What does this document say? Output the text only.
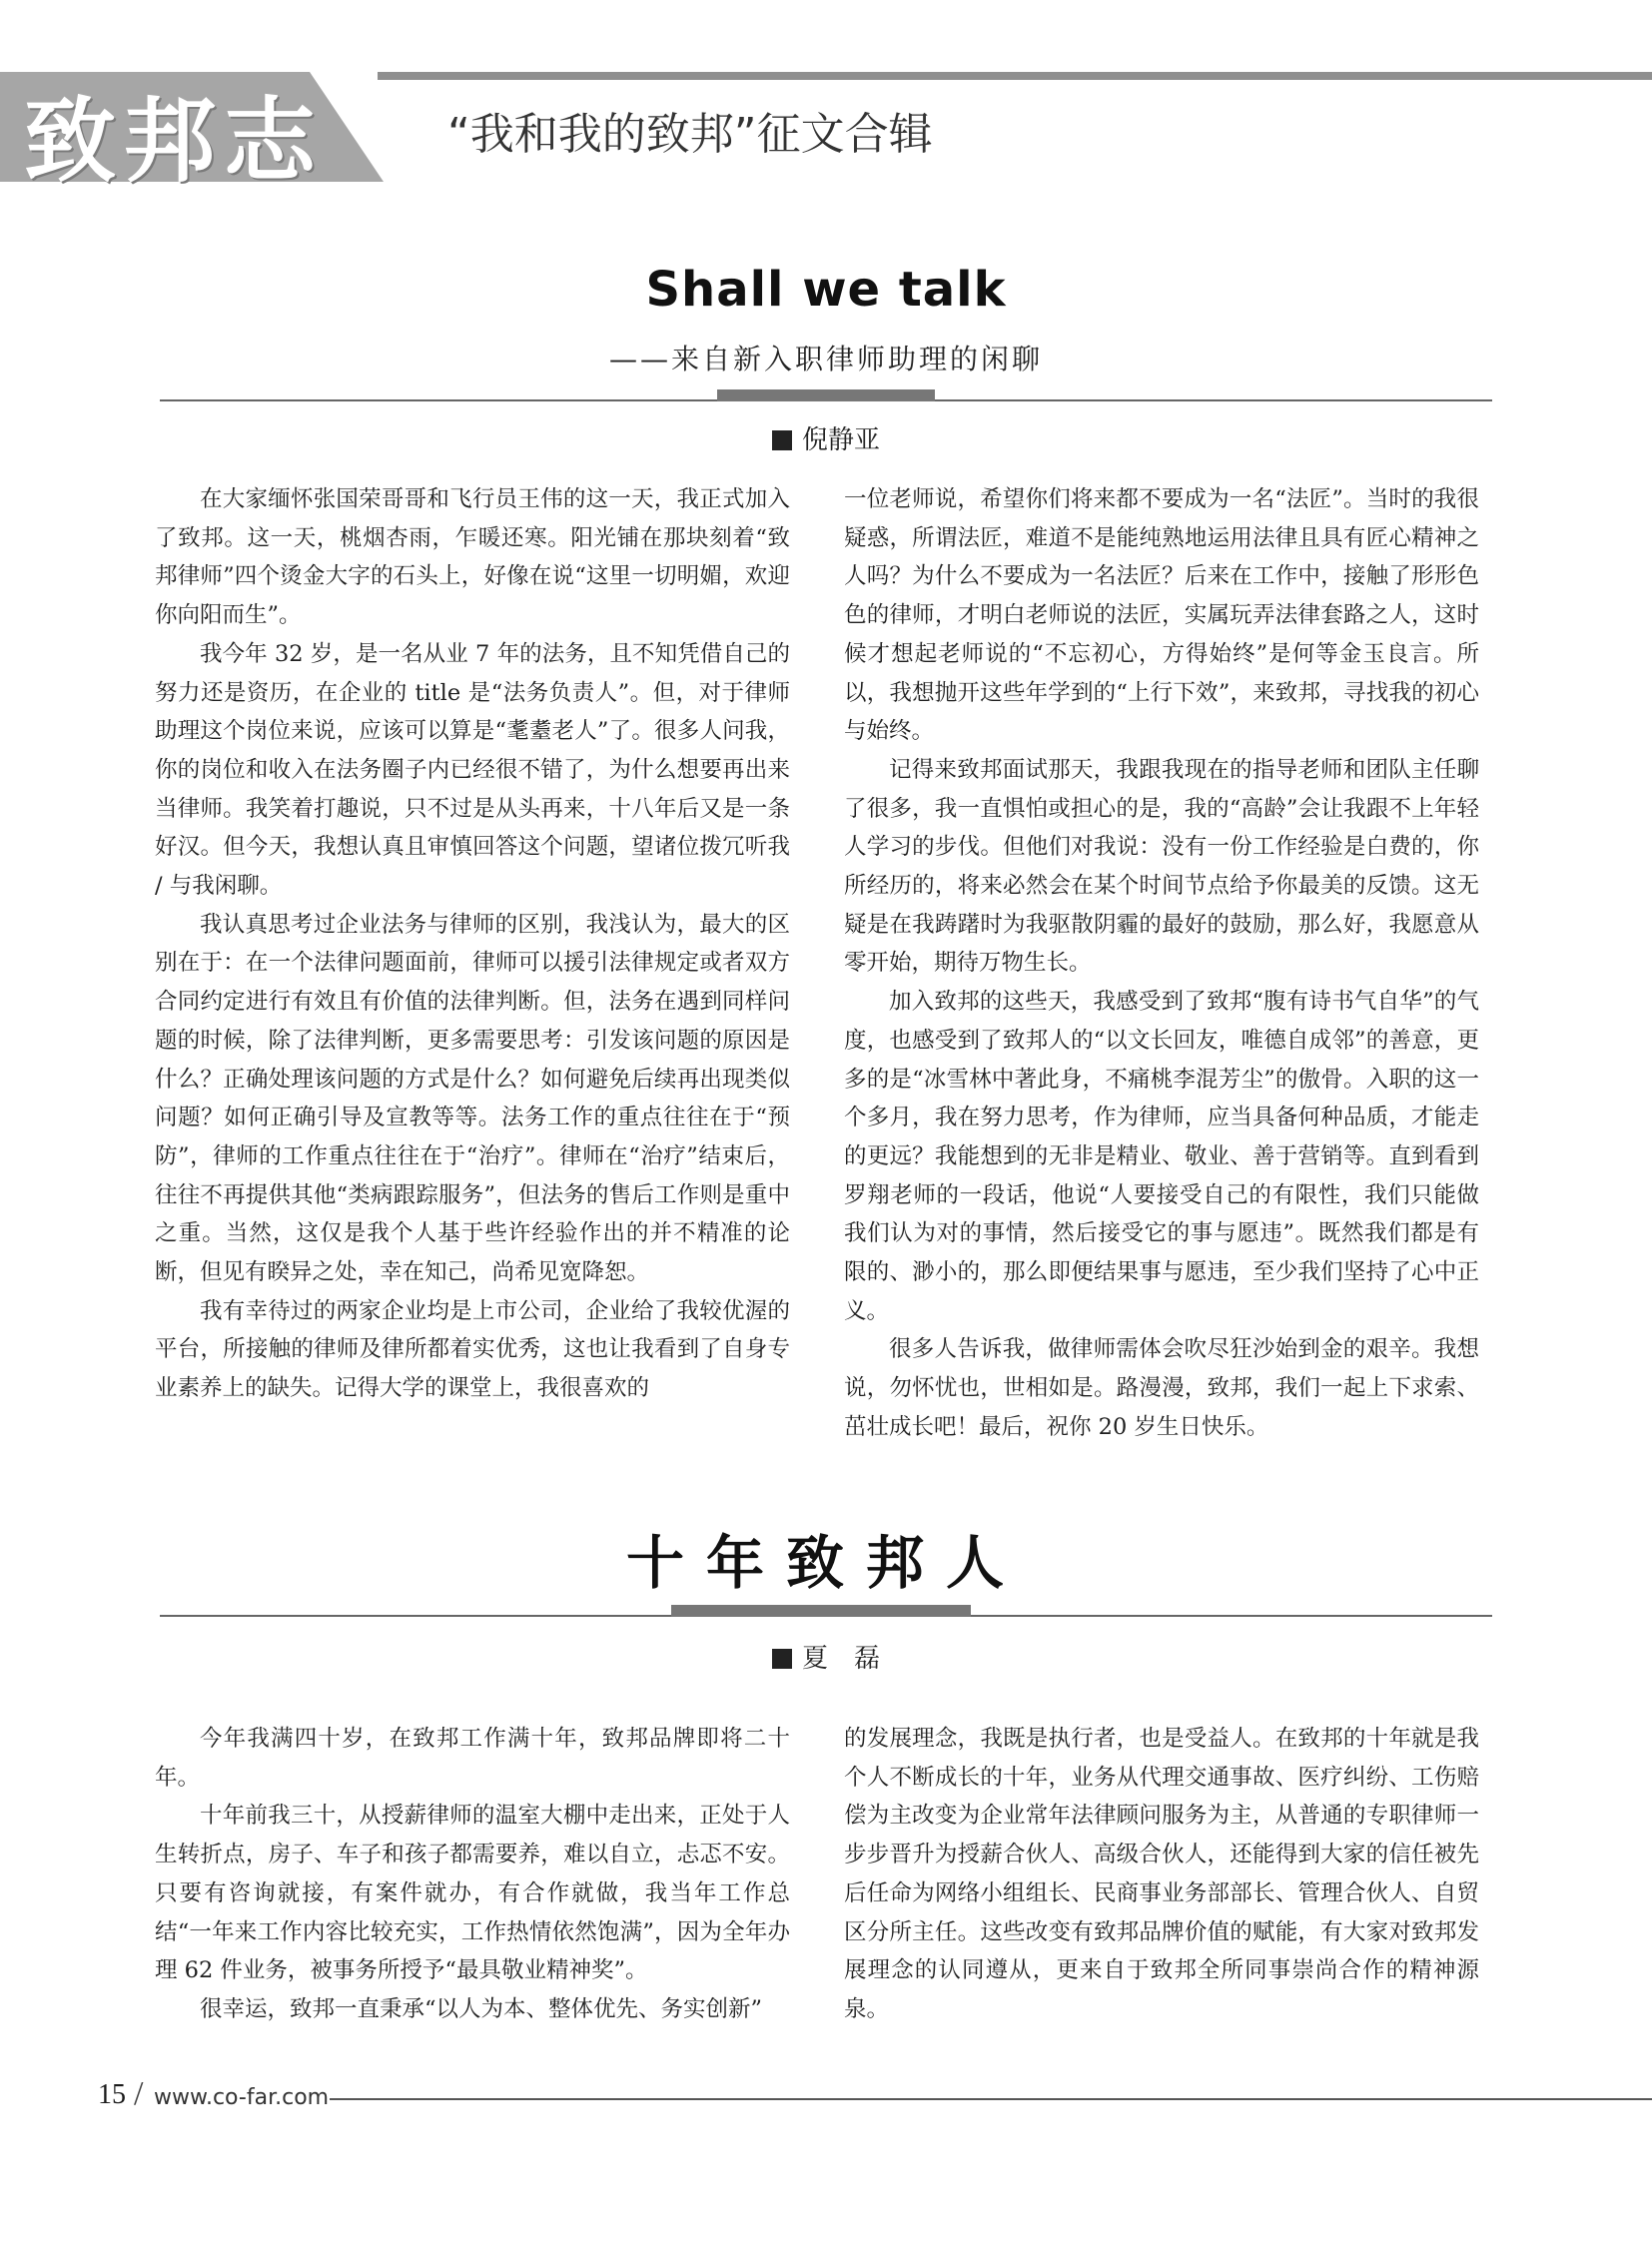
致邦志	“我和我的致邦”征文合辑
Shall we talk
——来自新入职律师助理的闲聊
倪静亚

在大家缅怀张国荣哥哥和飞行员王伟的这一天，我正式加入了致邦。这一天，桃烟杏雨，乍暖还寒。阳光铺在那块刻着“致邦律师”四个烫金大字的石头上，好像在说“这里一切明媚，欢迎你向阳而生”。

我今年 32 岁，是一名从业 7 年的法务，且不知凭借自己的努力还是资历，在企业的 title 是“法务负责人”。但，对于律师助理这个岗位来说，应该可以算是“耄耋老人”了。很多人问我，你的岗位和收入在法务圈子内已经很不错了，为什么想要再出来当律师。我笑着打趣说，只不过是从头再来，十八年后又是一条好汉。但今天，我想认真且审慎回答这个问题，望诸位拨冗听我 / 与我闲聊。

我认真思考过企业法务与律师的区别，我浅认为，最大的区别在于：在一个法律问题面前，律师可以援引法律规定或者双方合同约定进行有效且有价值的法律判断。但，法务在遇到同样问题的时候，除了法律判断，更多需要思考：引发该问题的原因是什么？正确处理该问题的方式是什么？如何避免后续再出现类似问题？如何正确引导及宣教等等。法务工作的重点往往在于“预防”，律师的工作重点往往在于“治疗”。律师在“治疗”结束后，往往不再提供其他“类病跟踪服务”，但法务的售后工作则是重中之重。当然，这仅是我个人基于些许经验作出的并不精准的论断，但见有睽异之处，幸在知己，尚希见宽降恕。

我有幸待过的两家企业均是上市公司，企业给了我较优渥的平台，所接触的律师及律所都着实优秀，这也让我看到了自身专业素养上的缺失。记得大学的课堂上，我很喜欢的

一位老师说，希望你们将来都不要成为一名“法匠”。当时的我很疑惑，所谓法匠，难道不是能纯熟地运用法律且具有匠心精神之人吗？为什么不要成为一名法匠？后来在工作中，接触了形形色色的律师，才明白老师说的法匠，实属玩弄法律套路之人，这时候才想起老师说的“不忘初心，方得始终”是何等金玉良言。所以，我想抛开这些年学到的“上行下效”，来致邦，寻找我的初心与始终。

记得来致邦面试那天，我跟我现在的指导老师和团队主任聊了很多，我一直惧怕或担心的是，我的“高龄”会让我跟不上年轻人学习的步伐。但他们对我说：没有一份工作经验是白费的，你所经历的，将来必然会在某个时间节点给予你最美的反馈。这无疑是在我踌躇时为我驱散阴霾的最好的鼓励，那么好，我愿意从零开始，期待万物生长。

加入致邦的这些天，我感受到了致邦“腹有诗书气自华”的气度，也感受到了致邦人的“以文长回友，唯德自成邻”的善意，更多的是“冰雪林中著此身，不痛桃李混芳尘”的傲骨。入职的这一个多月，我在努力思考，作为律师，应当具备何种品质，才能走的更远？我能想到的无非是精业、敬业、善于营销等。直到看到罗翔老师的一段话，他说“人要接受自己的有限性，我们只能做我们认为对的事情，然后接受它的事与愿违”。既然我们都是有限的、渺小的，那么即便结果事与愿违，至少我们坚持了心中正义。

很多人告诉我，做律师需体会吹尽狂沙始到金的艰辛。我想说，勿怀忧也，世相如是。路漫漫，致邦，我们一起上下求索、茁壮成长吧！最后，祝你 20 岁生日快乐。

十年致邦人
夏　磊

今年我满四十岁，在致邦工作满十年，致邦品牌即将二十年。

十年前我三十，从授薪律师的温室大棚中走出来，正处于人生转折点，房子、车子和孩子都需要养，难以自立，忐忑不安。只要有咨询就接，有案件就办，有合作就做，我当年工作总结“一年来工作内容比较充实，工作热情依然饱满”，因为全年办理 62 件业务，被事务所授予“最具敬业精神奖”。

很幸运，致邦一直秉承“以人为本、整体优先、务实创新”

的发展理念，我既是执行者，也是受益人。在致邦的十年就是我个人不断成长的十年，业务从代理交通事故、医疗纠纷、工伤赔偿为主改变为企业常年法律顾问服务为主，从普通的专职律师一步步晋升为授薪合伙人、高级合伙人，还能得到大家的信任被先后任命为网络小组组长、民商事业务部部长、管理合伙人、自贸区分所主任。这些改变有致邦品牌价值的赋能，有大家对致邦发展理念的认同遵从，更来自于致邦全所同事崇尚合作的精神源泉。

15 / www.co-far.com
